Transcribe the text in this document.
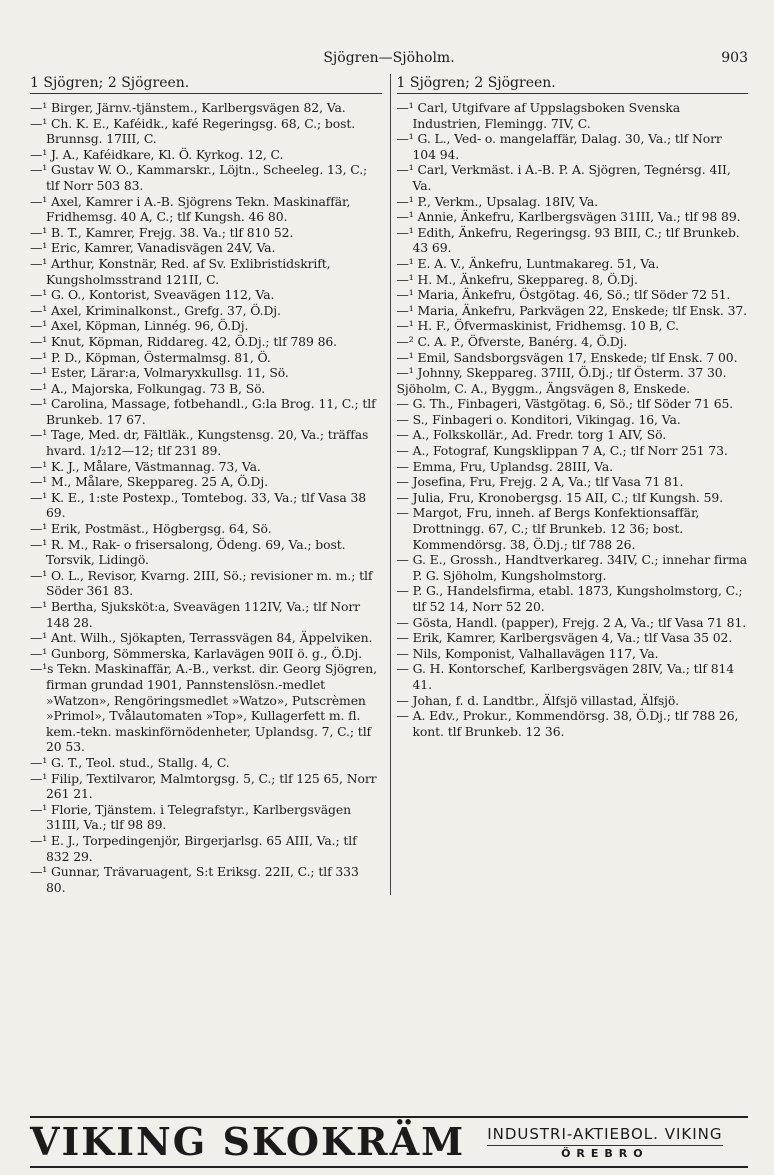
Sjögren—Sjöholm.	903
1 Sjögren; 2 Sjögreen.
—¹ Birger, Järnv.-tjänstem., Karlbergsvägen 82, Va.
—¹ Ch. K. E., Kaféidk., kafé Regeringsg. 68, C.; bost. Brunnsg. 17III, C.
—¹ J. A., Kaféidkare, Kl. Ö. Kyrkog. 12, C.
—¹ Gustav W. O., Kammarskr., Löjtn., Scheeleg. 13, C.; tlf Norr 503 83.
—¹ Axel, Kamrer i A.-B. Sjögrens Tekn. Maskinaffär, Fridhemsg. 40 A, C.; tlf Kungsh. 46 80.
—¹ B. T., Kamrer, Frejg. 38. Va.; tlf 810 52.
—¹ Eric, Kamrer, Vanadisvägen 24V, Va.
—¹ Arthur, Konstnär, Red. af Sv. Exlibristidskrift, Kungsholmsstrand 121II, C.
—¹ G. O., Kontorist, Sveavägen 112, Va.
—¹ Axel, Kriminalkonst., Grefg. 37, Ö.Dj.
—¹ Axel, Köpman, Linnég. 96, Ö.Dj.
—¹ Knut, Köpman, Riddareg. 42, Ö.Dj.; tlf 789 86.
—¹ P. D., Köpman, Östermalmsg. 81, Ö.
—¹ Ester, Lärar:a, Volmaryxkullsg. 11, Sö.
—¹ A., Majorska, Folkungag. 73 B, Sö.
—¹ Carolina, Massage, fotbehandl., G:la Brog. 11, C.; tlf Brunkeb. 17 67.
—¹ Tage, Med. dr, Fältläk., Kungstensg. 20, Va.; träffas hvard. 1/₂12—12; tlf 231 89.
—¹ K. J., Målare, Västmannag. 73, Va.
—¹ M., Målare, Skeppareg. 25 A, Ö.Dj.
—¹ K. E., 1:ste Postexp., Tomtebog. 33, Va.; tlf Vasa 38 69.
—¹ Erik, Postmäst., Högbergsg. 64, Sö.
—¹ R. M., Rak- o frisersalong, Ödeng. 69, Va.; bost. Torsvik, Lidingö.
—¹ O. L., Revisor, Kvarng. 2III, Sö.; revisioner m. m.; tlf Söder 361 83.
—¹ Bertha, Sjuksköt:a, Sveavägen 112IV, Va.; tlf Norr 148 28.
—¹ Ant. Wilh., Sjökapten, Terrassvägen 84, Äppelviken.
—¹ Gunborg, Sömmerska, Karlavägen 90II ö. g., Ö.Dj.
—¹s Tekn. Maskinaffär, A.-B., verkst. dir. Georg Sjögren, firman grundad 1901, Pannstenslösn.-medlet »Watzon», Rengöringsmedlet »Watzo», Putscrèmen »Primol», Tvålautomaten »Top», Kullagerfett m. fl. kem.-tekn. maskinförnödenheter, Uplandsg. 7, C.; tlf 20 53.
—¹ G. T., Teol. stud., Stallg. 4, C.
—¹ Filip, Textilvaror, Malmtorgsg. 5, C.; tlf 125 65, Norr 261 21.
—¹ Florie, Tjänstem. i Telegrafstyr., Karlbergsvägen 31III, Va.; tlf 98 89.
—¹ E. J., Torpedingenjör, Birgerjarlsg. 65 AIII, Va.; tlf 832 29.
—¹ Gunnar, Trävaruagent, S:t Eriksg. 22II, C.; tlf 333 80.
1 Sjögren; 2 Sjögreen.
—¹ Carl, Utgifvare af Uppslagsboken Svenska Industrien, Flemingg. 7IV, C.
—¹ G. L., Ved- o. mangelaffär, Dalag. 30, Va.; tlf Norr 104 94.
—¹ Carl, Verkmäst. i A.-B. P. A. Sjögren, Tegnérsg. 4II, Va.
—¹ P., Verkm., Upsalag. 18IV, Va.
—¹ Annie, Änkefru, Karlbergsvägen 31III, Va.; tlf 98 89.
—¹ Edith, Änkefru, Regeringsg. 93 BIII, C.; tlf Brunkeb. 43 69.
—¹ E. A. V., Änkefru, Luntmakareg. 51, Va.
—¹ H. M., Änkefru, Skeppareg. 8, Ö.Dj.
—¹ Maria, Änkefru, Östgötag. 46, Sö.; tlf Söder 72 51.
—¹ Maria, Änkefru, Parkvägen 22, Enskede; tlf Ensk. 37.
—¹ H. F., Öfvermaskinist, Fridhemsg. 10 B, C.
—² C. A. P., Öfverste, Banérg. 4, Ö.Dj.
—¹ Emil, Sandsborgsvägen 17, Enskede; tlf Ensk. 7 00.
—¹ Johnny, Skeppareg. 37III, Ö.Dj.; tlf Österm. 37 30.
Sjöholm, C. A., Byggm., Ängsvägen 8, Enskede.
— G. Th., Finbageri, Västgötag. 6, Sö.; tlf Söder 71 65.
— S., Finbageri o. Konditori, Vikingag. 16, Va.
— A., Folkskollär., Ad. Fredr. torg 1 AIV, Sö.
— A., Fotograf, Kungsklippan 7 A, C.; tlf Norr 251 73.
— Emma, Fru, Uplandsg. 28III, Va.
— Josefina, Fru, Frejg. 2 A, Va.; tlf Vasa 71 81.
— Julia, Fru, Kronobergsg. 15 AII, C.; tlf Kungsh. 59.
— Margot, Fru, inneh. af Bergs Konfektionsaffär, Drottningg. 67, C.; tlf Brunkeb. 12 36; bost. Kommendörsg. 38, Ö.Dj.; tlf 788 26.
— G. E., Grossh., Handtverkareg. 34IV, C.; innehar firma P. G. Sjöholm, Kungsholmstorg.
— P. G., Handelsfirma, etabl. 1873, Kungsholmstorg, C.; tlf 52 14, Norr 52 20.
— Gösta, Handl. (papper), Frejg. 2 A, Va.; tlf Vasa 71 81.
— Erik, Kamrer, Karlbergsvägen 4, Va.; tlf Vasa 35 02.
— Nils, Komponist, Valhallavägen 117, Va.
— G. H. Kontorschef, Karlbergsvägen 28IV, Va.; tlf 814 41.
— Johan, f. d. Landtbr., Älfsjö villastad, Älfsjö.
— A. Edv., Prokur., Kommendörsg. 38, Ö.Dj.; tlf 788 26, kont. tlf Brunkeb. 12 36.
VIKING SKOKRÄM INDUSTRI-AKTIEBOL. VIKING
ÖREBRO
